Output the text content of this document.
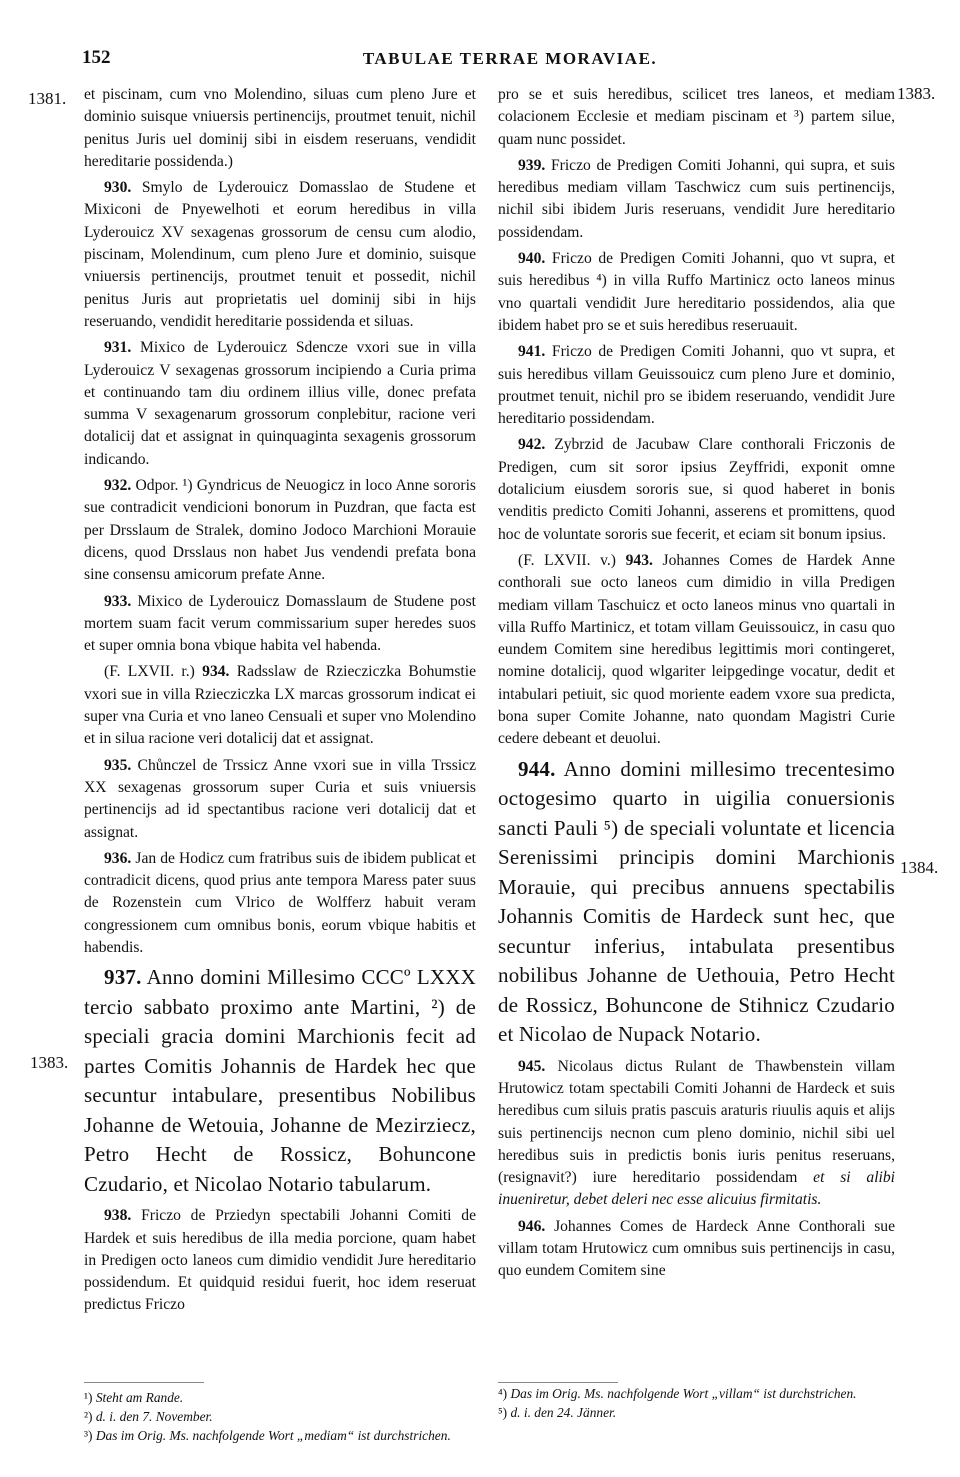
152	TABULAE TERRAE MORAVIAE.
1381.	1383.
1383.
1384.

et piscinam, cum vno Molendino, siluas cum pleno Jure et dominio suisque vniuersis pertinencijs, proutmet tenuit, nichil penitus Juris uel dominij sibi in eisdem reseruans, vendidit hereditarie possidenda.)

930. Smylo de Lyderouicz Domasslao de Studene et Mixiconi de Pnyewelhoti et eorum heredibus in villa Lyderouicz XV sexagenas grossorum de censu cum alodio, piscinam, Molendinum, cum pleno Jure et dominio, suisque vniuersis pertinencijs, proutmet tenuit et possedit, nichil penitus Juris aut proprietatis uel dominij sibi in hijs reseruando, vendidit hereditarie possidenda et siluas.

931. Mixico de Lyderouicz Sdencze vxori sue in villa Lyderouicz V sexagenas grossorum incipiendo a Curia prima et continuando tam diu ordinem illius ville, donec prefata summa V sexagenarum grossorum conplebitur, racione veri dotalicij dat et assignat in quinquaginta sexagenis grossorum indicando.

932. Odpor. ¹) Gyndricus de Neuogicz in loco Anne sororis sue contradicit vendicioni bonorum in Puzdran, que facta est per Drsslaum de Stralek, domino Jodoco Marchioni Morauie dicens, quod Drsslaus non habet Jus vendendi prefata bona sine consensu amicorum prefate Anne.

933. Mixico de Lyderouicz Domasslaum de Studene post mortem suam facit verum commissarium super heredes suos et super omnia bona vbique habita vel habenda.

(F. LXVII. r.) 934. Radsslaw de Rziecziczka Bohumstie vxori sue in villa Rziecziczka LX marcas grossorum indicat ei super vna Curia et vno laneo Censuali et super vno Molendino et in silua racione veri dotalicij dat et assignat.

935. Chůnczel de Trssicz Anne vxori sue in villa Trssicz XX sexagenas grossorum super Curia et suis vniuersis pertinencijs ad id spectantibus racione veri dotalicij dat et assignat.

936. Jan de Hodicz cum fratribus suis de ibidem publicat et contradicit dicens, quod prius ante tempora Maress pater suus de Rozenstein cum Vlrico de Wolfferz habuit veram congressionem cum omnibus bonis, eorum vbique habitis et habendis.

937. Anno domini Millesimo CCCº LXXX tercio sabbato proximo ante Martini, ²) de speciali gracia domini Marchionis fecit ad partes Comitis Johannis de Hardek hec que secuntur intabulare, presentibus Nobilibus Johanne de Wetouia, Johanne de Mezirziecz, Petro Hecht de Rossicz, Bohuncone Czudario, et Nicolao Notario tabularum.

938. Friczo de Prziedyn spectabili Johanni Comiti de Hardek et suis heredibus de illa media porcione, quam habet in Predigen octo laneos cum dimidio vendidit Jure hereditario possidendum. Et quidquid residui fuerit, hoc idem reseruat predictus Friczo

pro se et suis heredibus, scilicet tres laneos, et mediam colacionem Ecclesie et mediam piscinam et ³) partem silue, quam nunc possidet.

939. Friczo de Predigen Comiti Johanni, qui supra, et suis heredibus mediam villam Taschwicz cum suis pertinencijs, nichil sibi ibidem Juris reseruans, vendidit Jure hereditario possidendam.

940. Friczo de Predigen Comiti Johanni, quo vt supra, et suis heredibus ⁴) in villa Ruffo Martinicz octo laneos minus vno quartali vendidit Jure hereditario possidendos, alia que ibidem habet pro se et suis heredibus reseruauit.

941. Friczo de Predigen Comiti Johanni, quo vt supra, et suis heredibus villam Geuissouicz cum pleno Jure et dominio, proutmet tenuit, nichil pro se ibidem reseruando, vendidit Jure hereditario possidendam.

942. Zybrzid de Jacubaw Clare conthorali Friczonis de Predigen, cum sit soror ipsius Zeyffridi, exponit omne dotalicium eiusdem sororis sue, si quod haberet in bonis venditis predicto Comiti Johanni, asserens et promittens, quod hoc de voluntate sororis sue fecerit, et eciam sit bonum ipsius.

(F. LXVII. v.) 943. Johannes Comes de Hardek Anne conthorali sue octo laneos cum dimidio in villa Predigen mediam villam Taschuicz et octo laneos minus vno quartali in villa Ruffo Martinicz, et totam villam Geuissouicz, in casu quo eundem Comitem sine heredibus legittimis mori contingeret, nomine dotalicij, quod wlgariter leipgedinge vocatur, dedit et intabulari petiuit, sic quod moriente eadem vxore sua predicta, bona super Comite Johanne, nato quondam Magistri Curie cedere debeant et deuolui.

944. Anno domini millesimo trecentesimo octogesimo quarto in uigilia conuersionis sancti Pauli ⁵) de speciali voluntate et licencia Serenissimi principis domini Marchionis Morauie, qui precibus annuens spectabilis Johannis Comitis de Hardeck sunt hec, que secuntur inferius, intabulata presentibus nobilibus Johanne de Uethouia, Petro Hecht de Rossicz, Bohuncone de Stihnicz Czudario et Nicolao de Nupack Notario.

945. Nicolaus dictus Rulant de Thawbenstein villam Hrutowicz totam spectabili Comiti Johanni de Hardeck et suis heredibus cum siluis pratis pascuis araturis riuulis aquis et alijs suis pertinencijs necnon cum pleno dominio, nichil sibi uel heredibus suis in predictis bonis iuris penitus reseruans, (resignavit?) iure hereditario possidendam et si alibi inueniretur, debet deleri nec esse alicuius firmitatis.

946. Johannes Comes de Hardeck Anne Conthorali sue villam totam Hrutowicz cum omnibus suis pertinencijs in casu, quo eundem Comitem sine

¹) Steht am Rande.
²) d. i. den 7. November.
³) Das im Orig. Ms. nachfolgende Wort „mediam“ ist durchstrichen.
⁴) Das im Orig. Ms. nachfolgende Wort „villam“ ist durchstrichen.
⁵) d. i. den 24. Jänner.
